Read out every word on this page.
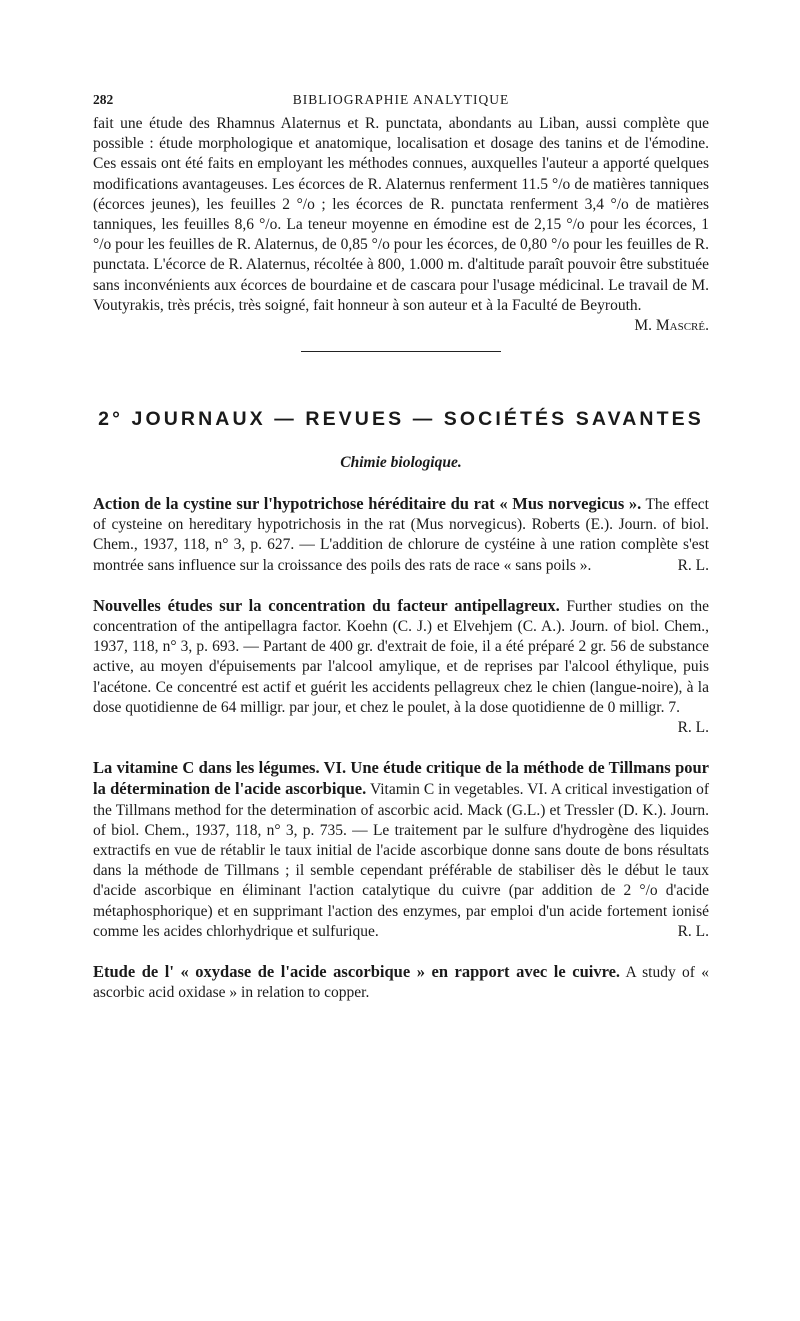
282	BIBLIOGRAPHIE ANALYTIQUE

fait une étude des Rhamnus Alaternus et R. punctata, abondants au Liban, aussi complète que possible : étude morphologique et anatomique, localisation et dosage des tanins et de l'émodine. Ces essais ont été faits en employant les méthodes connues, auxquelles l'auteur a apporté quelques modifications avantageuses. Les écorces de R. Alaternus renferment 11.5 °/o de matières tanniques (écorces jeunes), les feuilles 2 °/o ; les écorces de R. punctata renferment 3,4 °/o de matières tanniques, les feuilles 8,6 °/o. La teneur moyenne en émodine est de 2,15 °/o pour les écorces, 1 °/o pour les feuilles de R. Alaternus, de 0,85 °/o pour les écorces, de 0,80 °/o pour les feuilles de R. punctata. L'écorce de R. Alaternus, récoltée à 800, 1.000 m. d'altitude paraît pouvoir être substituée sans inconvénients aux écorces de bourdaine et de cascara pour l'usage médicinal. Le travail de M. Voutyrakis, très précis, très soigné, fait honneur à son auteur et à la Faculté de Beyrouth.
M. Mascré.

2° JOURNAUX — REVUES — SOCIÉTÉS SAVANTES
Chimie biologique.
Action de la cystine sur l'hypotrichose héréditaire du rat « Mus norvegicus ». The effect of cysteine on hereditary hypotrichosis in the rat (Mus norvegicus). Roberts (E.). Journ. of biol. Chem., 1937, 118, n° 3, p. 627. — L'addition de chlorure de cystéine à une ration complète s'est montrée sans influence sur la croissance des poils des rats de race « sans poils ».	R. L.
Nouvelles études sur la concentration du facteur antipellagreux. Further studies on the concentration of the antipellagra factor. Koehn (C. J.) et Elvehjem (C. A.). Journ. of biol. Chem., 1937, 118, n° 3, p. 693. — Partant de 400 gr. d'extrait de foie, il a été préparé 2 gr. 56 de substance active, au moyen d'épuisements par l'alcool amylique, et de reprises par l'alcool éthylique, puis l'acétone. Ce concentré est actif et guérit les accidents pellagreux chez le chien (langue-noire), à la dose quotidienne de 64 milligr. par jour, et chez le poulet, à la dose quotidienne de 0 milligr. 7.
R. L.
La vitamine C dans les légumes. VI. Une étude critique de la méthode de Tillmans pour la détermination de l'acide ascorbique. Vitamin C in vegetables. VI. A critical investigation of the Tillmans method for the determination of ascorbic acid. Mack (G.L.) et Tressler (D. K.). Journ. of biol. Chem., 1937, 118, n° 3, p. 735. — Le traitement par le sulfure d'hydrogène des liquides extractifs en vue de rétablir le taux initial de l'acide ascorbique donne sans doute de bons résultats dans la méthode de Tillmans ; il semble cependant préférable de stabiliser dès le début le taux d'acide ascorbique en éliminant l'action catalytique du cuivre (par addition de 2 °/o d'acide métaphosphorique) et en supprimant l'action des enzymes, par emploi d'un acide fortement ionisé comme les acides chlorhydrique et sulfurique.	R. L.
Etude de l' « oxydase de l'acide ascorbique » en rapport avec le cuivre. A study of « ascorbic acid oxidase » in relation to copper.
